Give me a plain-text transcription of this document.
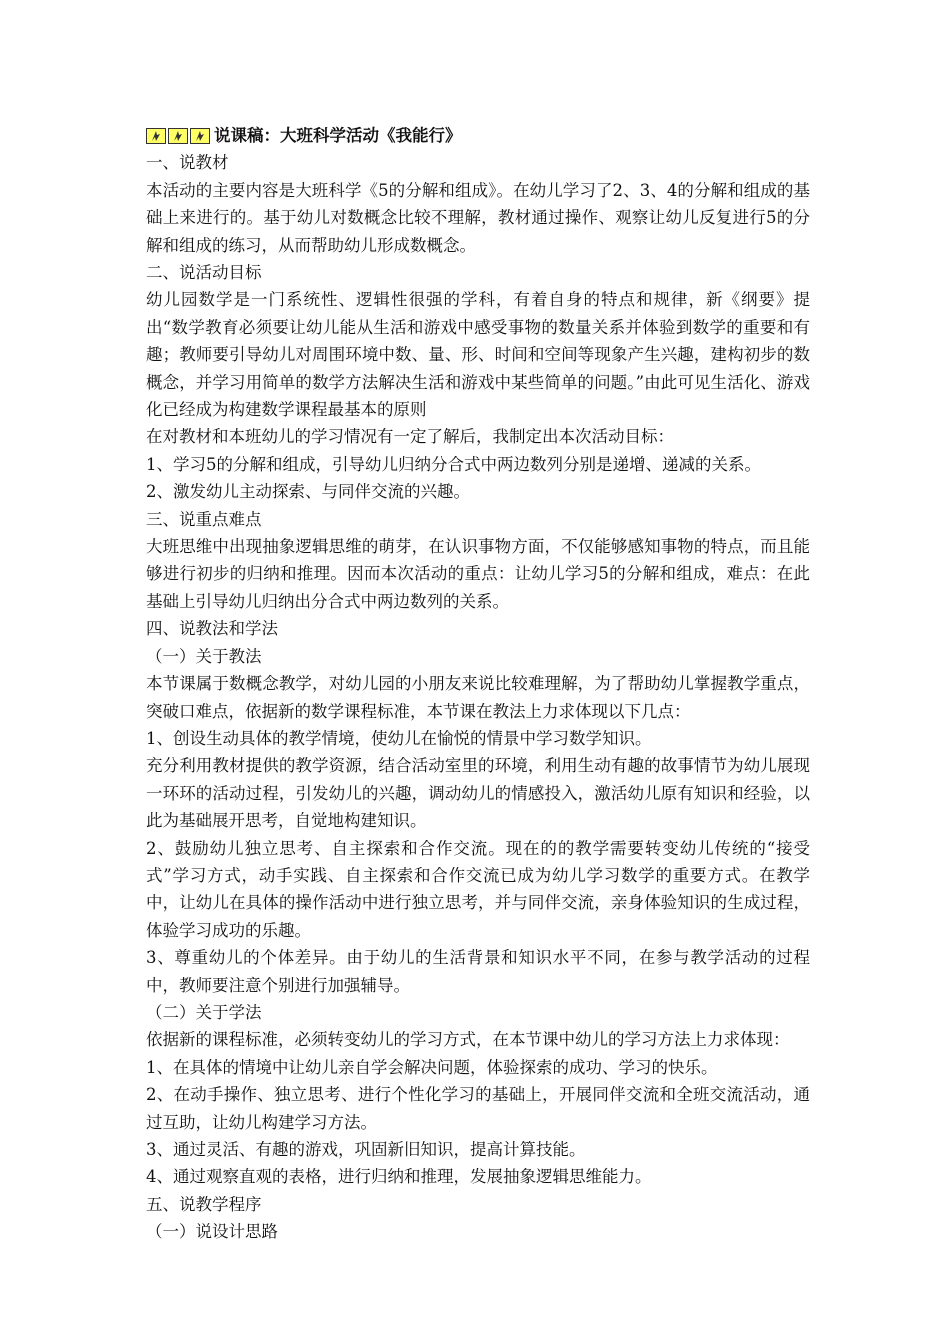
说课稿：大班科学活动《我能行》

一、说教材

本活动的主要内容是大班科学《5的分解和组成》。在幼儿学习了2、3、4的分解和组成的基础上来进行的。基于幼儿对数概念比较不理解，教材通过操作、观察让幼儿反复进行5的分解和组成的练习，从而帮助幼儿形成数概念。

二、说活动目标

幼儿园数学是一门系统性、逻辑性很强的学科，有着自身的特点和规律，新《纲要》提出“数学教育必须要让幼儿能从生活和游戏中感受事物的数量关系并体验到数学的重要和有趣；教师要引导幼儿对周围环境中数、量、形、时间和空间等现象产生兴趣，建构初步的数概念，并学习用简单的数学方法解决生活和游戏中某些简单的问题。”由此可见生活化、游戏化已经成为构建数学课程最基本的原则

在对教材和本班幼儿的学习情况有一定了解后，我制定出本次活动目标：

1、学习5的分解和组成，引导幼儿归纳分合式中两边数列分别是递增、递减的关系。

2、激发幼儿主动探索、与同伴交流的兴趣。

三、说重点难点

大班思维中出现抽象逻辑思维的萌芽，在认识事物方面，不仅能够感知事物的特点，而且能够进行初步的归纳和推理。因而本次活动的重点：让幼儿学习5的分解和组成，难点：在此基础上引导幼儿归纳出分合式中两边数列的关系。

四、说教法和学法

（一）关于教法

本节课属于数概念教学，对幼儿园的小朋友来说比较难理解，为了帮助幼儿掌握教学重点，突破口难点，依据新的数学课程标准，本节课在教法上力求体现以下几点：

1、创设生动具体的教学情境，使幼儿在愉悦的情景中学习数学知识。

充分利用教材提供的教学资源，结合活动室里的环境，利用生动有趣的故事情节为幼儿展现一环环的活动过程，引发幼儿的兴趣，调动幼儿的情感投入，激活幼儿原有知识和经验，以此为基础展开思考，自觉地构建知识。

2、鼓励幼儿独立思考、自主探索和合作交流。现在的的教学需要转变幼儿传统的“接受式”学习方式，动手实践、自主探索和合作交流已成为幼儿学习数学的重要方式。在教学中，让幼儿在具体的操作活动中进行独立思考，并与同伴交流，亲身体验知识的生成过程，体验学习成功的乐趣。

3、尊重幼儿的个体差异。由于幼儿的生活背景和知识水平不同，在参与教学活动的过程中，教师要注意个别进行加强辅导。

（二）关于学法

依据新的课程标准，必须转变幼儿的学习方式，在本节课中幼儿的学习方法上力求体现：

1、在具体的情境中让幼儿亲自学会解决问题，体验探索的成功、学习的快乐。

2、在动手操作、独立思考、进行个性化学习的基础上，开展同伴交流和全班交流活动，通过互助，让幼儿构建学习方法。

3、通过灵活、有趣的游戏，巩固新旧知识，提高计算技能。

4、通过观察直观的表格，进行归纳和推理，发展抽象逻辑思维能力。

五、说教学程序

（一）说设计思路
